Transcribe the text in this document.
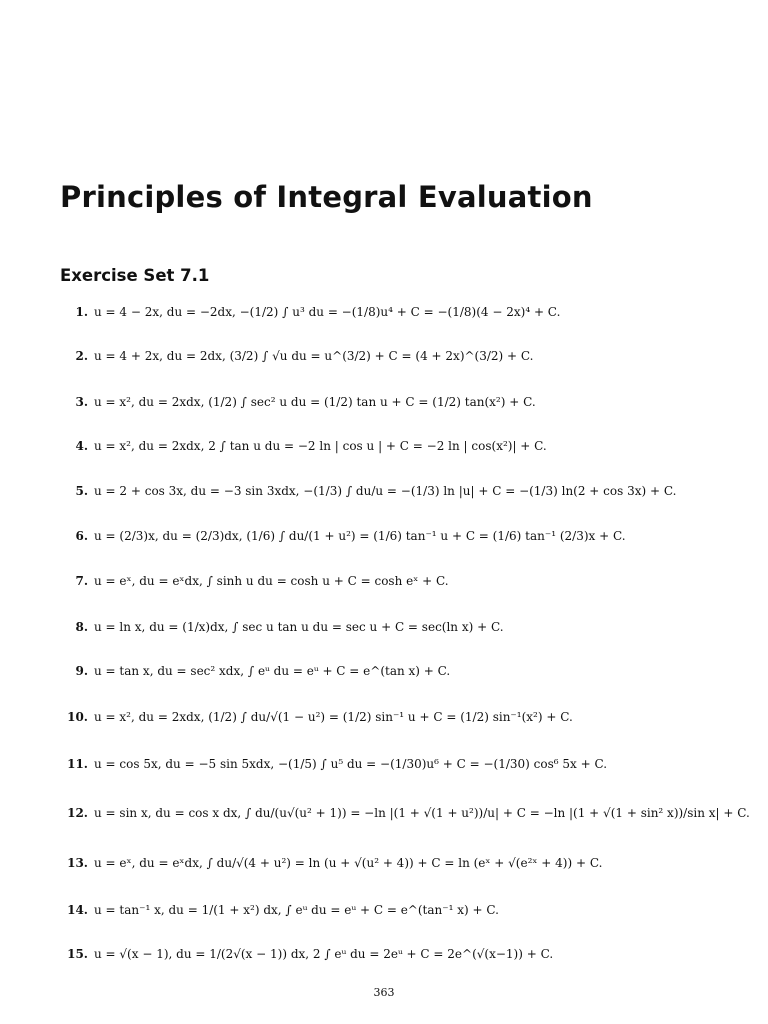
Principles of Integral Evaluation
Exercise Set 7.1
1. u = 4 − 2x, du = −2dx, −(1/2) ∫ u³ du = −(1/8)u⁴ + C = −(1/8)(4 − 2x)⁴ + C.
2. u = 4 + 2x, du = 2dx, (3/2) ∫ √u du = u^(3/2) + C = (4 + 2x)^(3/2) + C.
3. u = x², du = 2xdx, (1/2) ∫ sec² u du = (1/2) tan u + C = (1/2) tan(x²) + C.
4. u = x², du = 2xdx, 2 ∫ tan u du = −2 ln | cos u | + C = −2 ln | cos(x²)| + C.
5. u = 2 + cos 3x, du = −3 sin 3xdx, −(1/3) ∫ du/u = −(1/3) ln |u| + C = −(1/3) ln(2 + cos 3x) + C.
6. u = (2/3)x, du = (2/3)dx, (1/6) ∫ du/(1 + u²) = (1/6) tan⁻¹ u + C = (1/6) tan⁻¹ (2/3)x + C.
7. u = eˣ, du = eˣdx, ∫ sinh u du = cosh u + C = cosh eˣ + C.
8. u = ln x, du = (1/x)dx, ∫ sec u tan u du = sec u + C = sec(ln x) + C.
9. u = tan x, du = sec² xdx, ∫ eᵘ du = eᵘ + C = e^(tan x) + C.
10. u = x², du = 2xdx, (1/2) ∫ du/√(1 − u²) = (1/2) sin⁻¹ u + C = (1/2) sin⁻¹(x²) + C.
11. u = cos 5x, du = −5 sin 5xdx, −(1/5) ∫ u⁵ du = −(1/30)u⁶ + C = −(1/30) cos⁶ 5x + C.
12. u = sin x, du = cos x dx, ∫ du/(u√(u² + 1)) = −ln |(1 + √(1 + u²))/u| + C = −ln |(1 + √(1 + sin² x))/sin x| + C.
13. u = eˣ, du = eˣdx, ∫ du/√(4 + u²) = ln (u + √(u² + 4)) + C = ln (eˣ + √(e²ˣ + 4)) + C.
14. u = tan⁻¹ x, du = 1/(1 + x²) dx, ∫ eᵘ du = eᵘ + C = e^(tan⁻¹ x) + C.
15. u = √(x − 1), du = 1/(2√(x − 1)) dx, 2 ∫ eᵘ du = 2eᵘ + C = 2e^(√(x−1)) + C.
363
